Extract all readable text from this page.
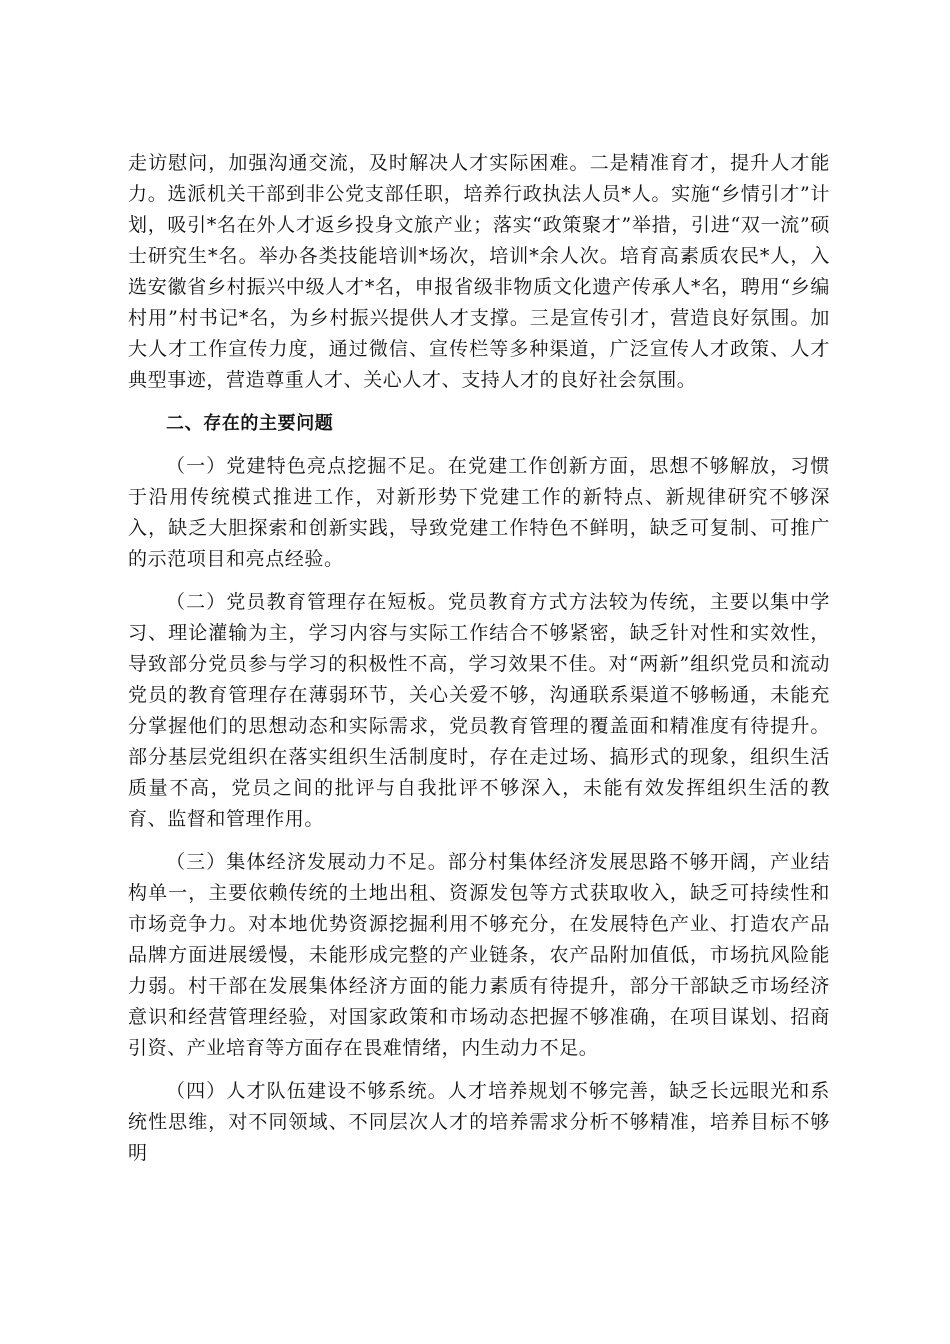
走访慰问，加强沟通交流，及时解决人才实际困难。二是精准育才，提升人才能力。选派机关干部到非公党支部任职，培养行政执法人员*人。实施“乡情引才”计划，吸引*名在外人才返乡投身文旅产业；落实“政策聚才”举措，引进“双一流”硕士研究生*名。举办各类技能培训*场次，培训*余人次。培育高素质农民*人，入选安徽省乡村振兴中级人才*名，申报省级非物质文化遗产传承人*名，聘用“乡编村用”村书记*名，为乡村振兴提供人才支撑。三是宣传引才，营造良好氛围。加大人才工作宣传力度，通过微信、宣传栏等多种渠道，广泛宣传人才政策、人才典型事迹，营造尊重人才、关心人才、支持人才的良好社会氛围。

二、存在的主要问题

（一）党建特色亮点挖掘不足。在党建工作创新方面，思想不够解放，习惯于沿用传统模式推进工作，对新形势下党建工作的新特点、新规律研究不够深入，缺乏大胆探索和创新实践，导致党建工作特色不鲜明，缺乏可复制、可推广的示范项目和亮点经验。

（二）党员教育管理存在短板。党员教育方式方法较为传统，主要以集中学习、理论灌输为主，学习内容与实际工作结合不够紧密，缺乏针对性和实效性，导致部分党员参与学习的积极性不高，学习效果不佳。对“两新”组织党员和流动党员的教育管理存在薄弱环节，关心关爱不够，沟通联系渠道不够畅通，未能充分掌握他们的思想动态和实际需求，党员教育管理的覆盖面和精准度有待提升。部分基层党组织在落实组织生活制度时，存在走过场、搞形式的现象，组织生活质量不高，党员之间的批评与自我批评不够深入，未能有效发挥组织生活的教育、监督和管理作用。

（三）集体经济发展动力不足。部分村集体经济发展思路不够开阔，产业结构单一，主要依赖传统的土地出租、资源发包等方式获取收入，缺乏可持续性和市场竞争力。对本地优势资源挖掘利用不够充分，在发展特色产业、打造农产品品牌方面进展缓慢，未能形成完整的产业链条，农产品附加值低，市场抗风险能力弱。村干部在发展集体经济方面的能力素质有待提升，部分干部缺乏市场经济意识和经营管理经验，对国家政策和市场动态把握不够准确，在项目谋划、招商引资、产业培育等方面存在畏难情绪，内生动力不足。

（四）人才队伍建设不够系统。人才培养规划不够完善，缺乏长远眼光和系统性思维，对不同领域、不同层次人才的培养需求分析不够精准，培养目标不够明
